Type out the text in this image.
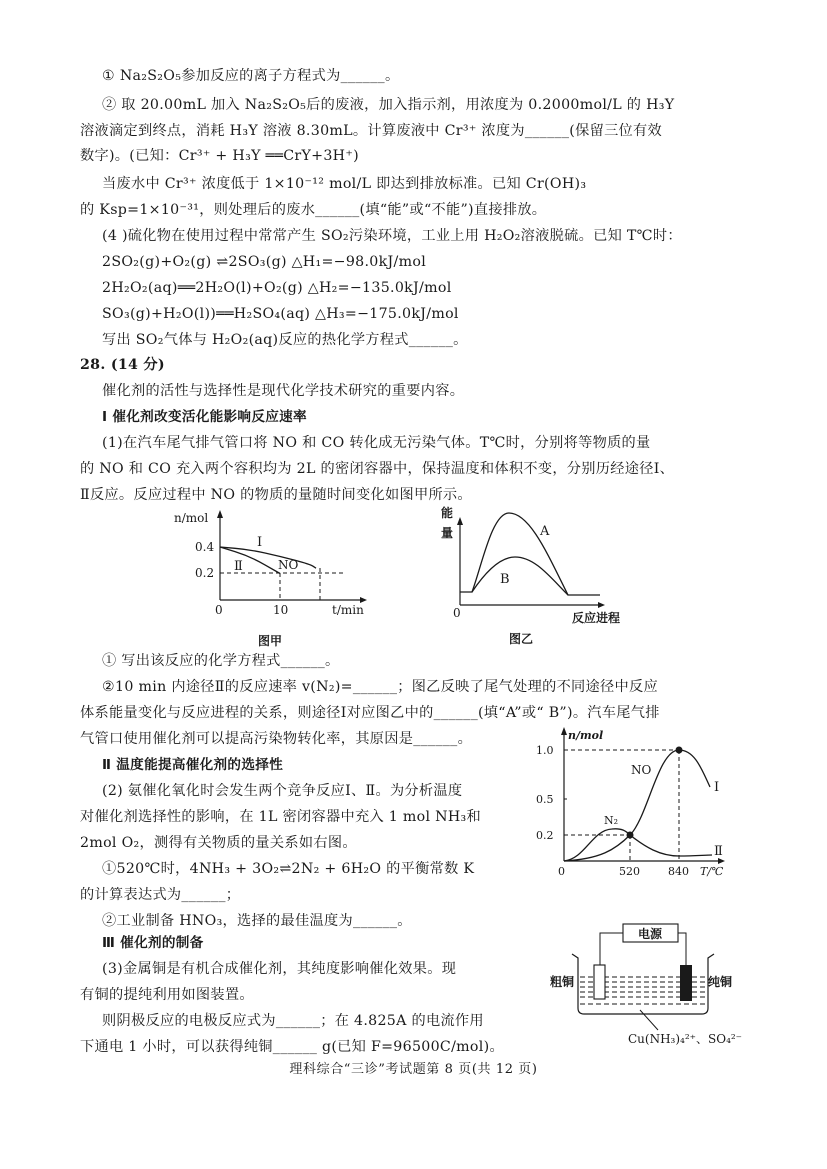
① Na₂S₂O₅参加反应的离子方程式为______。
② 取 20.00mL 加入 Na₂S₂O₅后的废液，加入指示剂，用浓度为 0.2000mol/L 的 H₃Y
溶液滴定到终点，消耗 H₃Y 溶液 8.30mL。计算废液中 Cr³⁺ 浓度为______(保留三位有效
数字)。(已知：Cr³⁺ + H₃Y ══CrY+3H⁺)
当废水中 Cr³⁺ 浓度低于 1×10⁻¹² mol/L 即达到排放标准。已知 Cr(OH)₃
的 Ksp=1×10⁻³¹，则处理后的废水______(填“能”或“不能”)直接排放。
(4 )硫化物在使用过程中常常产生 SO₂污染环境，工业上用 H₂O₂溶液脱硫。已知 T℃时：
2SO₂(g)+O₂(g) ⇌2SO₃(g) △H₁=−98.0kJ/mol
2H₂O₂(aq)══2H₂O(l)+O₂(g) △H₂=−135.0kJ/mol
SO₃(g)+H₂O(l))══H₂SO₄(aq) △H₃=−175.0kJ/mol
写出 SO₂气体与 H₂O₂(aq)反应的热化学方程式______。
28. (14 分)
催化剂的活性与选择性是现代化学技术研究的重要内容。
Ⅰ 催化剂改变活化能影响反应速率
(1)在汽车尾气排气管口将 NO 和 CO 转化成无污染气体。T℃时，分别将等物质的量
的 NO 和 CO 充入两个容积均为 2L 的密闭容器中，保持温度和体积不变，分别历经途径Ⅰ、
Ⅱ反应。反应过程中 NO 的物质的量随时间变化如图甲所示。
n/mol
0.4
0.2
0	10	t/min
Ⅰ
Ⅱ	NO
图甲
能
量
0	反应进程
A
B
图乙
① 写出该反应的化学方程式______。
②10 min 内途径Ⅱ的反应速率 v(N₂)=______；图乙反映了尾气处理的不同途径中反应
体系能量变化与反应进程的关系，则途径Ⅰ对应图乙中的______(填“A”或“ B”)。汽车尾气排
气管口使用催化剂可以提高污染物转化率，其原因是______。
Ⅱ 温度能提高催化剂的选择性
(2) 氨催化氧化时会发生两个竞争反应Ⅰ、Ⅱ。为分析温度
对催化剂选择性的影响，在 1L 密闭容器中充入 1 mol NH₃和
2mol O₂，测得有关物质的量关系如右图。
①520℃时，4NH₃ + 3O₂⇌2N₂ + 6H₂O 的平衡常数 K
的计算表达式为______；
②工业制备 HNO₃，选择的最佳温度为______。
n/mol
1.0
0.5
0.2
0	520	840 T/℃
NO
N₂
Ⅰ
Ⅱ
Ⅲ 催化剂的制备
(3)金属铜是有机合成催化剂，其纯度影响催化效果。现
有铜的提纯利用如图装置。
则阴极反应的电极反应式为______；在 4.825A 的电流作用
下通电 1 小时，可以获得纯铜______ g(已知 F=96500C/mol)。
电源
粗铜	纯铜
Cu(NH₃)₄²⁺、SO₄²⁻
理科综合“三诊”考试题第 8 页(共 12 页)
